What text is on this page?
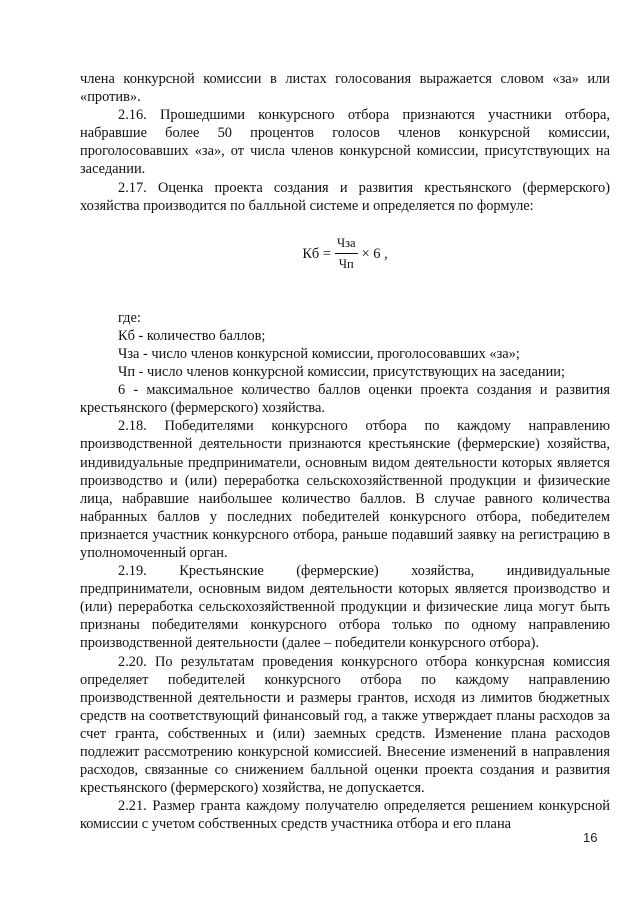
члена конкурсной комиссии в листах голосования выражается словом «за» или «против».

2.16. Прошедшими конкурсного отбора признаются участники отбора, набравшие более 50 процентов голосов членов конкурсной комиссии, проголосовавших «за», от числа членов конкурсной комиссии, присутствующих на заседании.

2.17. Оценка проекта создания и развития крестьянского (фермерского) хозяйства производится по балльной системе и определяется по формуле:

Кб = $\frac{\text{Чза}}{Чп} \times 6$ ,

где:

Кб - количество баллов;

Чза - число членов конкурсной комиссии, проголосовавших «за»;

Чп - число членов конкурсной комиссии, присутствующих на заседании;

6 - максимальное количество баллов оценки проекта создания и развития крестьянского (фермерского) хозяйства.

2.18. Победителями конкурсного отбора по каждому направлению производственной деятельности признаются крестьянские (фермерские) хозяйства, индивидуальные предприниматели, основным видом деятельности которых является производство и (или) переработка сельскохозяйственной продукции и физические лица, набравшие наибольшее количество баллов. В случае равного количества набранных баллов у последних победителей конкурсного отбора, победителем признается участник конкурсного отбора, раньше подавший заявку на регистрацию в уполномоченный орган.

2.19. Крестьянские (фермерские) хозяйства, индивидуальные предприниматели, основным видом деятельности которых является производство и (или) переработка сельскохозяйственной продукции и физические лица могут быть признаны победителями конкурсного отбора только по одному направлению производственной деятельности (далее – победители конкурсного отбора).

2.20. По результатам проведения конкурсного отбора конкурсная комиссия определяет победителей конкурсного отбора по каждому направлению производственной деятельности и размеры грантов, исходя из лимитов бюджетных средств на соответствующий финансовый год, а также утверждает планы расходов за счет гранта, собственных и (или) заемных средств. Изменение плана расходов подлежит рассмотрению конкурсной комиссией. Внесение изменений в направления расходов, связанные со снижением балльной оценки проекта создания и развития крестьянского (фермерского) хозяйства, не допускается.

2.21. Размер гранта каждому получателю определяется решением конкурсной комиссии с учетом собственных средств участника отбора и его плана

16
